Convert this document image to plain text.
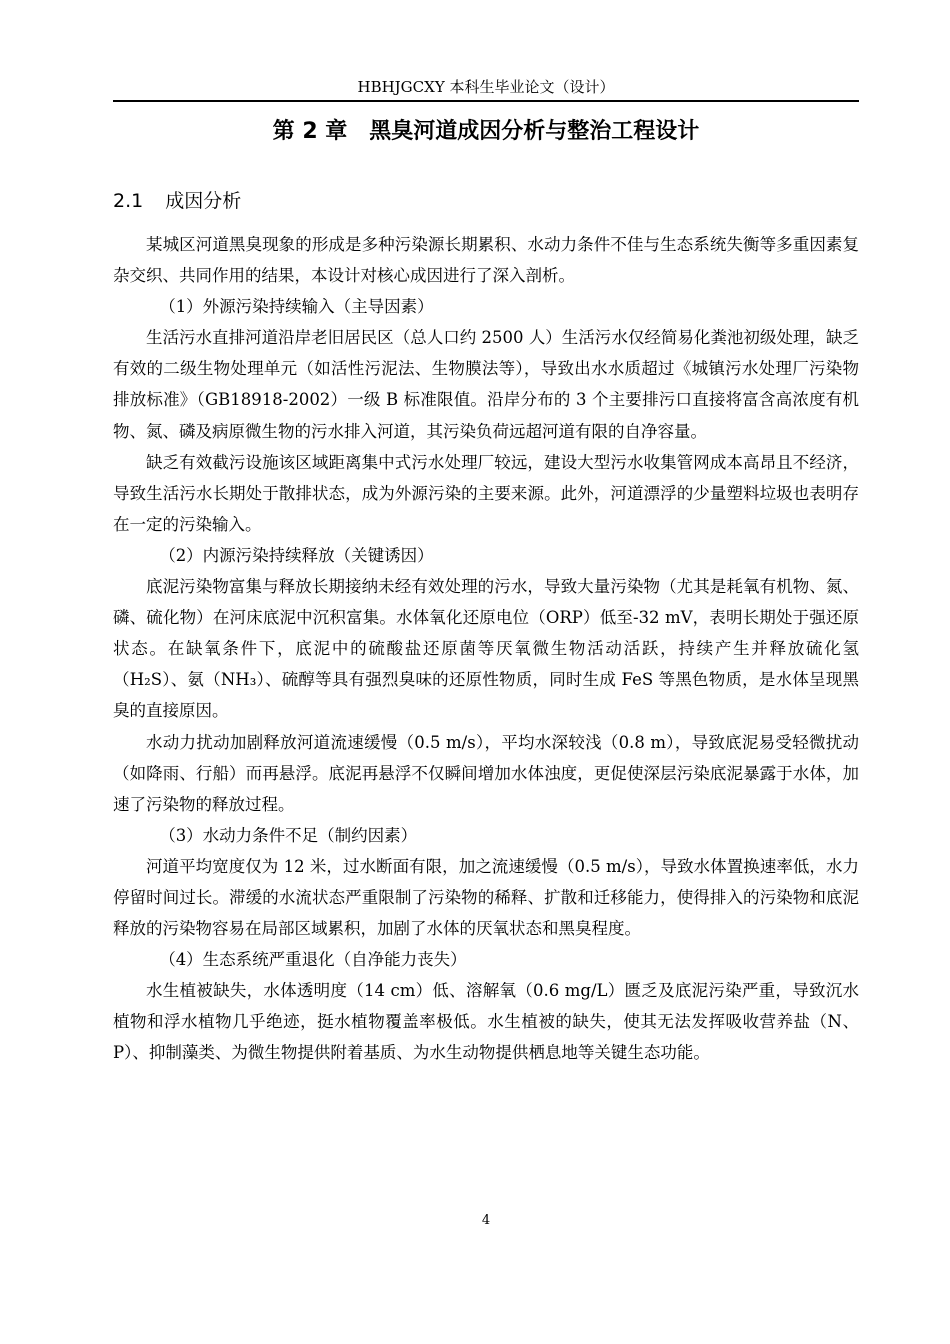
HBHJGCXY 本科生毕业论文（设计）
第 2 章　黑臭河道成因分析与整治工程设计
2.1 成因分析

某城区河道黑臭现象的形成是多种污染源长期累积、水动力条件不佳与生态系统失衡等多重因素复杂交织、共同作用的结果，本设计对核心成因进行了深入剖析。

（1）外源污染持续输入（主导因素）

生活污水直排河道沿岸老旧居民区（总人口约 2500 人）生活污水仅经简易化粪池初级处理，缺乏有效的二级生物处理单元（如活性污泥法、生物膜法等），导致出水水质超过《城镇污水处理厂污染物排放标准》（GB18918-2002）一级 B 标准限值。沿岸分布的 3 个主要排污口直接将富含高浓度有机物、氮、磷及病原微生物的污水排入河道，其污染负荷远超河道有限的自净容量。

缺乏有效截污设施该区域距离集中式污水处理厂较远，建设大型污水收集管网成本高昂且不经济，导致生活污水长期处于散排状态，成为外源污染的主要来源。此外，河道漂浮的少量塑料垃圾也表明存在一定的污染输入。

（2）内源污染持续释放（关键诱因）

底泥污染物富集与释放长期接纳未经有效处理的污水，导致大量污染物（尤其是耗氧有机物、氮、磷、硫化物）在河床底泥中沉积富集。水体氧化还原电位（ORP）低至-32 mV，表明长期处于强还原状态。在缺氧条件下，底泥中的硫酸盐还原菌等厌氧微生物活动活跃，持续产生并释放硫化氢（H₂S）、氨（NH₃）、硫醇等具有强烈臭味的还原性物质，同时生成 FeS 等黑色物质，是水体呈现黑臭的直接原因。

水动力扰动加剧释放河道流速缓慢（0.5 m/s），平均水深较浅（0.8 m），导致底泥易受轻微扰动（如降雨、行船）而再悬浮。底泥再悬浮不仅瞬间增加水体浊度，更促使深层污染底泥暴露于水体，加速了污染物的释放过程。

（3）水动力条件不足（制约因素）

河道平均宽度仅为 12 米，过水断面有限，加之流速缓慢（0.5 m/s），导致水体置换速率低，水力停留时间过长。滞缓的水流状态严重限制了污染物的稀释、扩散和迁移能力，使得排入的污染物和底泥释放的污染物容易在局部区域累积，加剧了水体的厌氧状态和黑臭程度。

（4）生态系统严重退化（自净能力丧失）

水生植被缺失，水体透明度（14 cm）低、溶解氧（0.6 mg/L）匮乏及底泥污染严重，导致沉水植物和浮水植物几乎绝迹，挺水植物覆盖率极低。水生植被的缺失，使其无法发挥吸收营养盐（N、P）、抑制藻类、为微生物提供附着基质、为水生动物提供栖息地等关键生态功能。

4
